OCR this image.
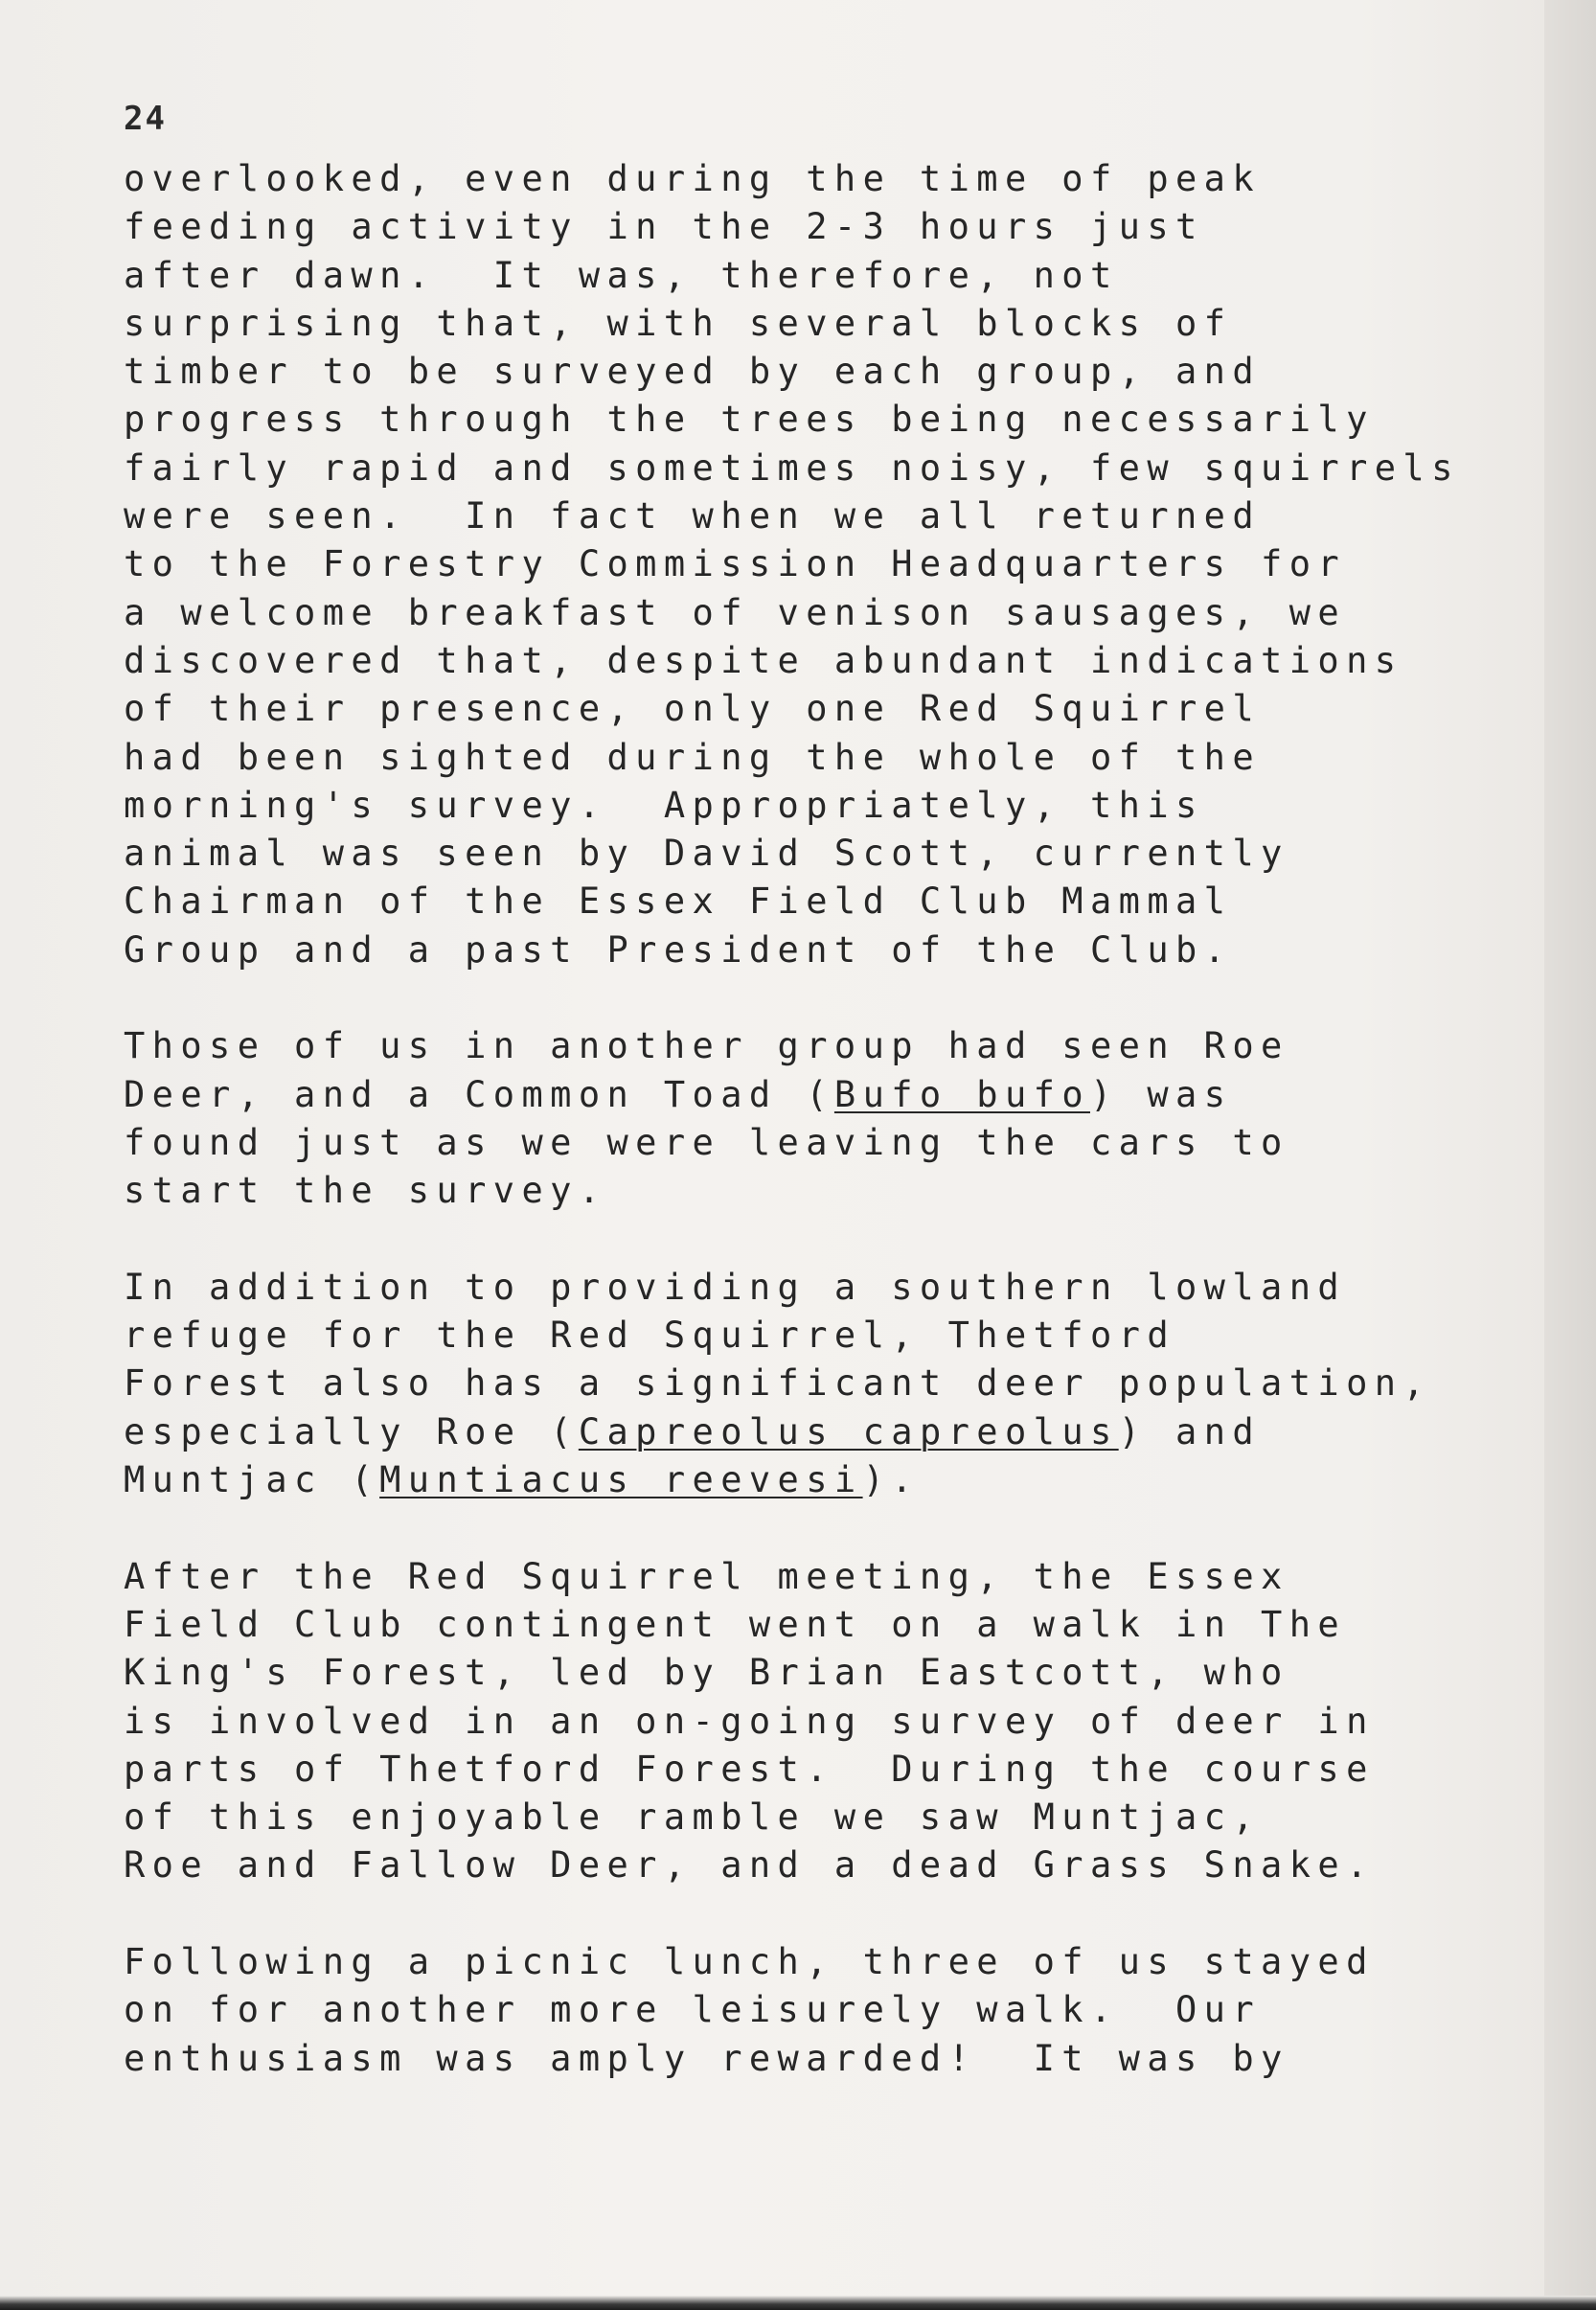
24
overlooked, even during the time of peak
feeding activity in the 2-3 hours just
after dawn.  It was, therefore, not
surprising that, with several blocks of
timber to be surveyed by each group, and
progress through the trees being necessarily
fairly rapid and sometimes noisy, few squirrels
were seen.  In fact when we all returned
to the Forestry Commission Headquarters for
a welcome breakfast of venison sausages, we
discovered that, despite abundant indications
of their presence, only one Red Squirrel
had been sighted during the whole of the
morning's survey.  Appropriately, this
animal was seen by David Scott, currently
Chairman of the Essex Field Club Mammal
Group and a past President of the Club.
Those of us in another group had seen Roe
Deer, and a Common Toad (Bufo bufo) was
found just as we were leaving the cars to
start the survey.
In addition to providing a southern lowland
refuge for the Red Squirrel, Thetford
Forest also has a significant deer population,
especially Roe (Capreolus capreolus) and
Muntjac (Muntiacus reevesi).
After the Red Squirrel meeting, the Essex
Field Club contingent went on a walk in The
King's Forest, led by Brian Eastcott, who
is involved in an on-going survey of deer in
parts of Thetford Forest.  During the course
of this enjoyable ramble we saw Muntjac,
Roe and Fallow Deer, and a dead Grass Snake.
Following a picnic lunch, three of us stayed
on for another more leisurely walk.  Our
enthusiasm was amply rewarded!  It was by
